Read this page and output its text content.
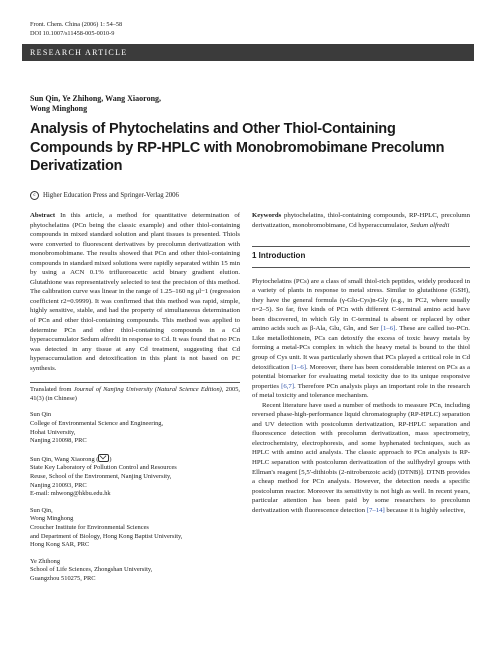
Front. Chem. China (2006) 1: 54–58
DOI 10.1007/s11458-005-0010-9
RESEARCH ARTICLE
Sun Qin, Ye Zhihong, Wang Xiaorong,
Wong Minghong
Analysis of Phytochelatins and Other Thiol-Containing
Compounds by RP-HPLC with Monobromobimane Precolumn
Derivatization
c	Higher Education Press and Springer-Verlag 2006

Abstract In this article, a method for quantitative determination of phytochelatins (PCn being the classic example) and other thiol-containing compounds in mixed standard solution and plant tissues is presented. Thiols were converted to fluorescent derivatives by precolumn derivatization with monobromobimane. The results showed that PCn and other thiol-containing compounds in standard mixed solutions were rapidly separated within 15 min by using a ACN 0.1% trifluoroacetic acid binary gradient elution. Glutathione was representatively selected to test the precision of this method. The calibration curve was linear in the range of 1.25–160 ng μl−1 (regression coefficient r2=0.9999). It was confirmed that this method was rapid, simple, highly sensitive, stable, and had the property of simultaneous determination of PCn and other thiol-containing compounds. This method was applied to determine PCn and other thiol-containing compounds in a Cd hyperaccumulator Sedum alfredii in response to Cd. It was found that no PCn was detected in any tissue at any Cd treatment, suggesting that Cd hyperaccumulation and detoxification in this plant is not based on PC synthesis.

Translated from Journal of Nanjing University (Natural Science Edition), 2005, 41(3) (in Chinese)
Sun Qin
College of Environmental Science and Engineering,
Hohai University,
Nanjing 210098, PRC
Sun Qin, Wang Xiaorong ( )
State Key Laboratory of Pollution Control and Resources
Reuse, School of the Environment, Nanjing University,
Nanjing 210093, PRC
E-mail: mhwong@hkbu.edu.hk
Sun Qin,
Wong Minghong
Croucher Institute for Environmental Sciences
and Department of Biology, Hong Kong Baptist University,
Hong Kong SAR, PRC
Ye Zhihong
School of Life Sciences, Zhongshan University,
Guangzhou 510275, PRC

Keywords phytochelatins, thiol-containing compounds, RP-HPLC, precolumn derivatization, monobromobimane, Cd hyperaccumulator, Sedum alfredii

1 Introduction

Phytochelatins (PCs) are a class of small thiol-rich peptides, widely produced in a variety of plants in response to metal stress. Similar to glutathione (GSH), they have the general formula (γ-Glu-Cys)n-Gly (e.g., in PC2, where usually n=2–5). So far, five kinds of PCn with different C-terminal amino acid have been discovered, in which Gly in C-terminal is absent or replaced by other amino acids such as β-Ala, Glu, Gln, and Ser [1–6]. These are called iso-PCn. Like metallothionein, PCs can detoxify the excess of toxic heavy metals by forming a metal-PCs complex in which the heavy metal is bound to the thiol group of Cys unit. It was particularly shown that PCs played a critical role in Cd detoxification [1–6]. Moreover, there has been considerable interest on PCs as a potential biomarker for evaluating metal toxicity due to its unique responsive properties [6,7]. Therefore PCn analysis plays an important role in the research of metal toxicity and tolerance mechanism.

Recent literature have used a number of methods to measure PCn, including reversed phase-high-performance liquid chromatography (RP-HPLC) separation and UV detection with postcolumn derivatization, RP-HPLC separation and fluorescence detection with precolumn derivatization, mass spectrometry, electrochemistry, electrophoresis, and some hyphenated techniques, such as HPLC with amino acid analysis. The classic approach to PCn analysis is RP-HPLC separation with postcolumn derivatization of the sulfhydryl groups with Ellman's reagent [5,5'-dithiobis (2-nitrobenzoic acid) (DTNB)]. DTNB provides a cheap method for PCn analysis. However, the detection needs a specific postcolumn reactor. Moreover its sensitivity is not high as well. In recent years, particular attention has been paid by some researchers to precolumn derivatization with fluorescence detection [7–14] because it is highly selective,
